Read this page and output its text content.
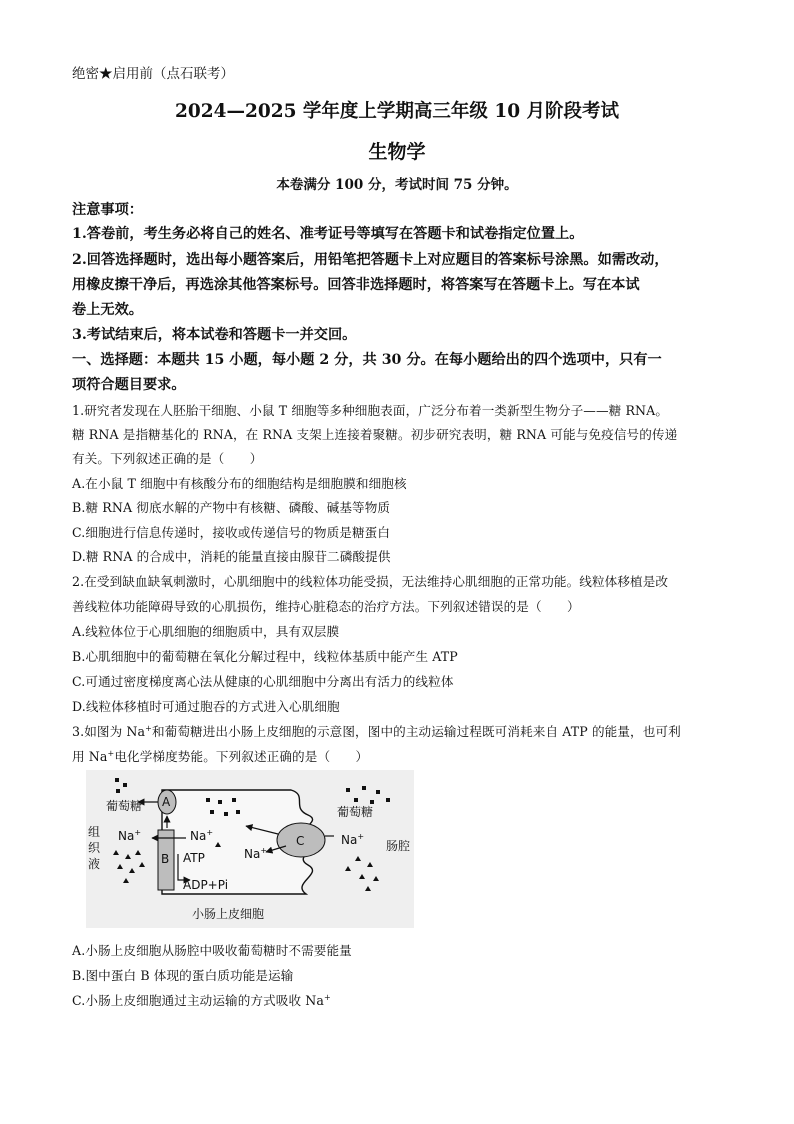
绝密★启用前（点石联考）
2024—2025 学年度上学期高三年级 10 月阶段考试
生物学
本卷满分 100 分，考试时间 75 分钟。
注意事项：
1.答卷前，考生务必将自己的姓名、准考证号等填写在答题卡和试卷指定位置上。
2.回答选择题时，选出每小题答案后，用铅笔把答题卡上对应题目的答案标号涂黑。如需改动，
用橡皮擦干净后，再选涂其他答案标号。回答非选择题时，将答案写在答题卡上。写在本试
卷上无效。
3.考试结束后，将本试卷和答题卡一并交回。
一、选择题：本题共 15 小题，每小题 2 分，共 30 分。在每小题给出的四个选项中，只有一
项符合题目要求。
1.研究者发现在人胚胎干细胞、小鼠 T 细胞等多种细胞表面，广泛分布着一类新型生物分子——糖 RNA。
糖 RNA 是指糖基化的 RNA，在 RNA 支架上连接着聚糖。初步研究表明，糖 RNA 可能与免疫信号的传递
有关。下列叙述正确的是（　　）
A.在小鼠 T 细胞中有核酸分布的细胞结构是细胞膜和细胞核
B.糖 RNA 彻底水解的产物中有核糖、磷酸、碱基等物质
C.细胞进行信息传递时，接收或传递信号的物质是糖蛋白
D.糖 RNA 的合成中，消耗的能量直接由腺苷二磷酸提供
2.在受到缺血缺氧刺激时，心肌细胞中的线粒体功能受损，无法维持心肌细胞的正常功能。线粒体移植是改
善线粒体功能障碍导致的心肌损伤，维持心脏稳态的治疗方法。下列叙述错误的是（　　）
A.线粒体位于心肌细胞的细胞质中，具有双层膜
B.心肌细胞中的葡萄糖在氧化分解过程中，线粒体基质中能产生 ATP
C.可通过密度梯度离心法从健康的心肌细胞中分离出有活力的线粒体
D.线粒体移植时可通过胞吞的方式进入心肌细胞
3.如图为 Na+和葡萄糖进出小肠上皮细胞的示意图，图中的主动运输过程既可消耗来自 ATP 的能量，也可利
用 Na+电化学梯度势能。下列叙述正确的是（　　）
A
B
C
葡萄糖	葡萄糖
组
织
液
肠腔
Na+	Na+
Na+
Na+
ATP
ADP+Pi
小肠上皮细胞
A.小肠上皮细胞从肠腔中吸收葡萄糖时不需要能量
B.图中蛋白 B 体现的蛋白质功能是运输
C.小肠上皮细胞通过主动运输的方式吸收 Na+
